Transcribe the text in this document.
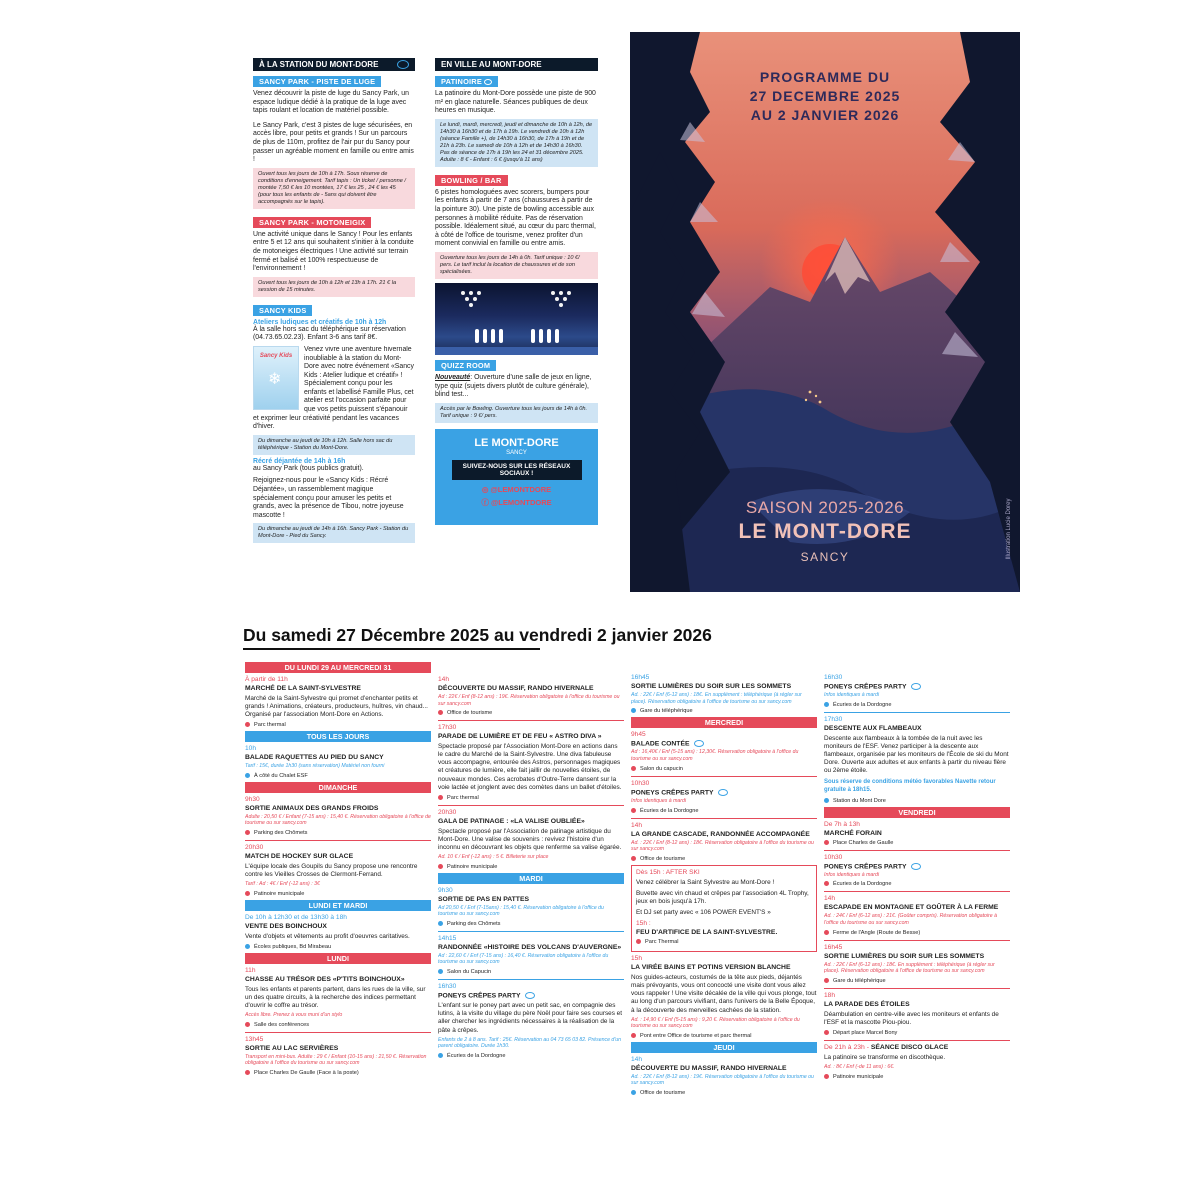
À LA STATION DU MONT-DORE
SANCY PARK - PISTE DE LUGE

Venez découvrir la piste de luge du Sancy Park, un espace ludique dédié à la pratique de la luge avec tapis roulant et location de matériel possible.

Le Sancy Park, c'est 3 pistes de luge sécurisées, en accès libre, pour petits et grands ! Sur un parcours de plus de 110m, profitez de l'air pur du Sancy pour passer un agréable moment en famille ou entre amis !

Ouvert tous les jours de 10h à 17h. Sous réserve de conditions d'enneigement. Tarif tapis : Un ticket / personne / montée 7,50 € les 10 montées, 17 € les 25 , 24 € les 45 (pour tous les enfants de - 5ans qui doivent être accompagnés sur le tapis).
SANCY PARK - MOTONEIGIX

Une activité unique dans le Sancy ! Pour les enfants entre 5 et 12 ans qui souhaitent s'initier à la conduite de motoneiges électriques ! Une activité sur terrain fermé et balisé et 100% respectueuse de l'environnement !

Ouvert tous les jours de 10h à 12h et 13h à 17h. 21 € la session de 15 minutes.
SANCY KIDS
Ateliers ludiques et créatifs de 10h à 12h

À la salle hors sac du téléphérique sur réservation (04.73.65.02.23). Enfant 3-6 ans tarif 8€.

Sancy Kids
❄

Venez vivre une aventure hivernale inoubliable à la station du Mont-Dore avec notre événement «Sancy Kids : Atelier ludique et créatif» ! Spécialement conçu pour les enfants et labellisé Famille Plus, cet atelier est l'occasion parfaite pour que vos petits puissent s'épanouir et exprimer leur créativité pendant les vacances d'hiver.

Du dimanche au jeudi de 10h à 12h. Salle hors sac du téléphérique - Station du Mont-Dore.
Récré déjantée de 14h à 16h

au Sancy Park (tous publics gratuit).

Rejoignez-nous pour le «Sancy Kids : Récré Déjantée», un rassemblement magique spécialement conçu pour amuser les petits et grands, avec la présence de Tibou, notre joyeuse mascotte !

Du dimanche au jeudi de 14h à 16h. Sancy Park - Station du Mont-Dore - Pied du Sancy.
EN VILLE AU MONT-DORE
PATINOIRE

La patinoire du Mont-Dore possède une piste de 900 m² en glace naturelle. Séances publiques de deux heures en musique.

Le lundi, mardi, mercredi, jeudi et dimanche de 10h à 12h, de 14h30 à 16h30 et de 17h à 19h. Le vendredi de 10h à 12h (séance Famille +), de 14h30 à 16h30, de 17h à 19h et de 21h à 23h. Le samedi de 10h à 12h et de 14h30 à 16h30. Pas de séance de 17h à 19h les 24 et 31 décembre 2025. Adulte : 8 € - Enfant : 6 € (jusqu'à 11 ans)
BOWLING / BAR

6 pistes homologuées avec scorers, bumpers pour les enfants à partir de 7 ans (chaussures à partir de la pointure 30). Une piste de bowling accessible aux personnes à mobilité réduite. Pas de réservation possible. Idéalement situé, au cœur du parc thermal, à côté de l'office de tourisme, venez profiter d'un moment convivial en famille ou entre amis.

Ouverture tous les jours de 14h à 0h. Tarif unique : 10 €/ pers. Le tarif inclut la location de chaussures et de son spécialisées.
QUIZZ ROOM

Nouveauté: Ouverture d'une salle de jeux en ligne, type quiz (sujets divers plutôt de culture générale), blind test...

Accès par le Bowling. Ouverture tous les jours de 14h à 0h. Tarif unique : 9 €/ pers.
LE MONT-DORE
SANCY
SUIVEZ-NOUS SUR LES RÉSEAUX SOCIAUX !
◎ @LEMONTDORE
ⓕ @LEMONTDORE
PROGRAMME DU
27 DECEMBRE 2025
AU 2 JANVIER 2026
SAISON 2025-2026
LE MONT-DORE
SANCY	Illustration Lucie Dorey
Du samedi 27 Décembre 2025 au vendredi 2 janvier 2026
DU LUNDI 29 AU MERCREDI 31
À partir de 11h
MARCHÉ DE LA SAINT-SYLVESTRE
Marché de la Saint-Sylvestre qui promet d'enchanter petits et grands ! Animations, créateurs, producteurs, huîtres, vin chaud... Organisé par l'association Mont-Dore en Actions.
Parc thermal
TOUS LES JOURS
10h
BALADE RAQUETTES AU PIED DU SANCY
Tarif : 15€, durée 1h30 (sans réservation) Matériel non fourni
À côté du Chalet ESF
DIMANCHE
9h30
SORTIE ANIMAUX DES GRANDS FROIDS
Adulte : 20,50 € / Enfant (7-15 ans) : 15,40 €. Réservation obligatoire à l'office de tourisme ou sur sancy.com
Parking des Chômets
20h30
MATCH DE HOCKEY SUR GLACE
L'équipe locale des Goupils du Sancy propose une rencontre contre les Vieilles Crosses de Clermont-Ferrand.
Tarif : Ad : 4€ / Enf (-12 ans) : 3€
Patinoire municipale
LUNDI ET MARDI
De 10h à 12h30 et de 13h30 à 18h
VENTE DES BOINCHOUX
Vente d'objets et vêtements au profit d'oeuvres caritatives.
Écoles publiques, Bd Mirabeau
LUNDI
11h
CHASSE AU TRÉSOR DES «P'TITS BOINCHOUX»
Tous les enfants et parents partent, dans les rues de la ville, sur un des quatre circuits, à la recherche des indices permettant d'ouvrir le coffre au trésor.
Accès libre. Prenez à vous muni d'un stylo
Salle des conférences
13h45
SORTIE AU LAC SERVIÈRES
Transport en mini-bus. Adulte : 29 € / Enfant (10-15 ans) : 21,50 €. Réservation obligatoire à l'office du tourisme ou sur sancy.com
Place Charles De Gaulle (Face à la poste)
14h
DÉCOUVERTE DU MASSIF, RANDO HIVERNALE
Ad : 22€ / Enf (8-12 ans) : 19€. Réservation obligatoire à l'office du tourisme ou sur sancy.com
Office de tourisme
17h30
PARADE DE LUMIÈRE ET DE FEU « ASTRO DIVA »
Spectacle proposé par l'Association Mont-Dore en actions dans le cadre du Marché de la Saint-Sylvestre. Une diva fabuleuse vous accompagne, entourée des Astros, personnages magiques et créatures de lumière, elle fait jaillir de nouvelles étoiles, de nouveaux mondes. Ces acrobates d'Outre-Terre dansent sur la voie lactée et jonglent avec des comètes dans un ballet d'étoiles.
Parc thermal
20h30
GALA DE PATINAGE : «LA VALISE OUBLIÉE»
Spectacle proposé par l'Association de patinage artistique du Mont-Dore. Une valise de souvenirs : revivez l'histoire d'un inconnu en découvrant les objets que renferme sa valise égarée.
Ad. 10 € / Enf (-12 ans) : 5 €. Billeterie sur place
Patinoire municipale
MARDI
9h30
SORTIE DE PAS EN PATTES
Ad 20,50 € / Enf (7-15ans) : 15,40 €. Réservation obligatoire à l'office du tourisme ou sur sancy.com
Parking des Chômets
14h15
RANDONNÉE «HISTOIRE DES VOLCANS D'AUVERGNE»
Ad : 22,60 € / Enf (7-15 ans) : 16,40 €. Réservation obligatoire à l'office du tourisme ou sur sancy.com
Salon du Capucin
16h30
PONEYS CRÊPES PARTY
L'enfant sur le poney part avec un petit sac, en compagnie des lutins, à la visite du village du père Noël pour faire ses courses et aller chercher les ingrédients nécessaires à la réalisation de la pâte à crêpes.
Enfants de 2 à 8 ans. Tarif : 25€. Réservation au 04 73 65 03 82. Présence d'un parent obligatoire. Durée 1h30.
Écuries de la Dordogne
16h45
SORTIE LUMIÈRES DU SOIR SUR LES SOMMETS
Ad. : 22€ / Enf (6-12 ans) : 18€. En supplément : téléphérique (à régler sur place). Réservation obligatoire à l'office de tourisme ou sur sancy.com
Gare du téléphérique
MERCREDI
9h45
BALADE CONTÉE
Ad : 16,40€ / Enf (5-15 ans) : 12,30€. Réservation obligatoire à l'office du tourisme ou sur sancy.com
Salon du capucin
10h30
PONEYS CRÊPES PARTY
Infos identiques à mardi
Écuries de la Dordogne
14h
LA GRANDE CASCADE, RANDONNÉE ACCOMPAGNÉE
Ad. : 22€ / Enf (8-12 ans) : 18€. Réservation obligatoire à l'office du tourisme ou sur sancy.com
Office de tourisme
Dès 15h : AFTER SKI
Venez célébrer la Saint Sylvestre au Mont-Dore !
Buvette avec vin chaud et crêpes par l'association 4L Trophy, jeux en bois jusqu'à 17h.
Et DJ set party avec « 106 POWER EVENT'S »
15h :
FEU D'ARTIFICE DE LA SAINT-SYLVESTRE.
Parc Thermal
15h
LA VIRÉE BAINS ET POTINS VERSION BLANCHE
Nos guides-acteurs, costumés de la tête aux pieds, déjantés mais prévoyants, vous ont concocté une visite dont vous allez vous rappeler ! Une visite décalée de la ville qui vous plonge, tout au long d'un parcours vivifiant, dans l'univers de la Belle Époque, à la découverte des merveilles cachées de la station.
Ad. : 14,90 € / Enf (5-15 ans) : 9,20 €. Réservation obligatoire à l'office du tourisme ou sur sancy.com
Pont entre Office de tourisme et parc thermal
JEUDI
14h
DÉCOUVERTE DU MASSIF, RANDO HIVERNALE
Ad. : 22€ / Enf (8-12 ans) : 19€. Réservation obligatoire à l'office du tourisme ou sur sancy.com
Office de tourisme
16h30
PONEYS CRÊPES PARTY
Infos identiques à mardi
Écuries de la Dordogne
17h30
DESCENTE AUX FLAMBEAUX
Descente aux flambeaux à la tombée de la nuit avec les moniteurs de l'ESF. Venez participer à la descente aux flambeaux, organisée par les moniteurs de l'École de ski du Mont Dore. Ouverte aux adultes et aux enfants à partir du niveau flère ou 2ème étoile.
Sous réserve de conditions météo favorables Navette retour gratuite à 18h15.
Station du Mont Dore
VENDREDI
De 7h à 13h
MARCHÉ FORAIN
Place Charles de Gaulle
10h30
PONEYS CRÊPES PARTY
Infos identiques à mardi
Écuries de la Dordogne
14h
ESCAPADE EN MONTAGNE ET GOÛTER À LA FERME
Ad. : 24€ / Enf (6-12 ans) : 21€. (Goûter compris). Réservation obligatoire à l'office du tourisme ou sur sancy.com
Ferme de l'Angle (Route de Besse)
16h45
SORTIE LUMIÈRES DU SOIR SUR LES SOMMETS
Ad. : 22€ / Enf (6-12 ans) : 18€. En supplément : téléphérique (à régler sur place). Réservation obligatoire à l'office de tourisme ou sur sancy.com
Gare du téléphérique
18h
LA PARADE DES ÉTOILES
Déambulation en centre-ville avec les moniteurs et enfants de l'ESF et la mascotte Piou-piou.
Départ place Marcel Bony
De 21h à 23h - SÉANCE DISCO GLACE
La patinoire se transforme en discothèque.
Ad. : 8€ / Enf (-de 11 ans) : 6€.
Patinoire municipale
